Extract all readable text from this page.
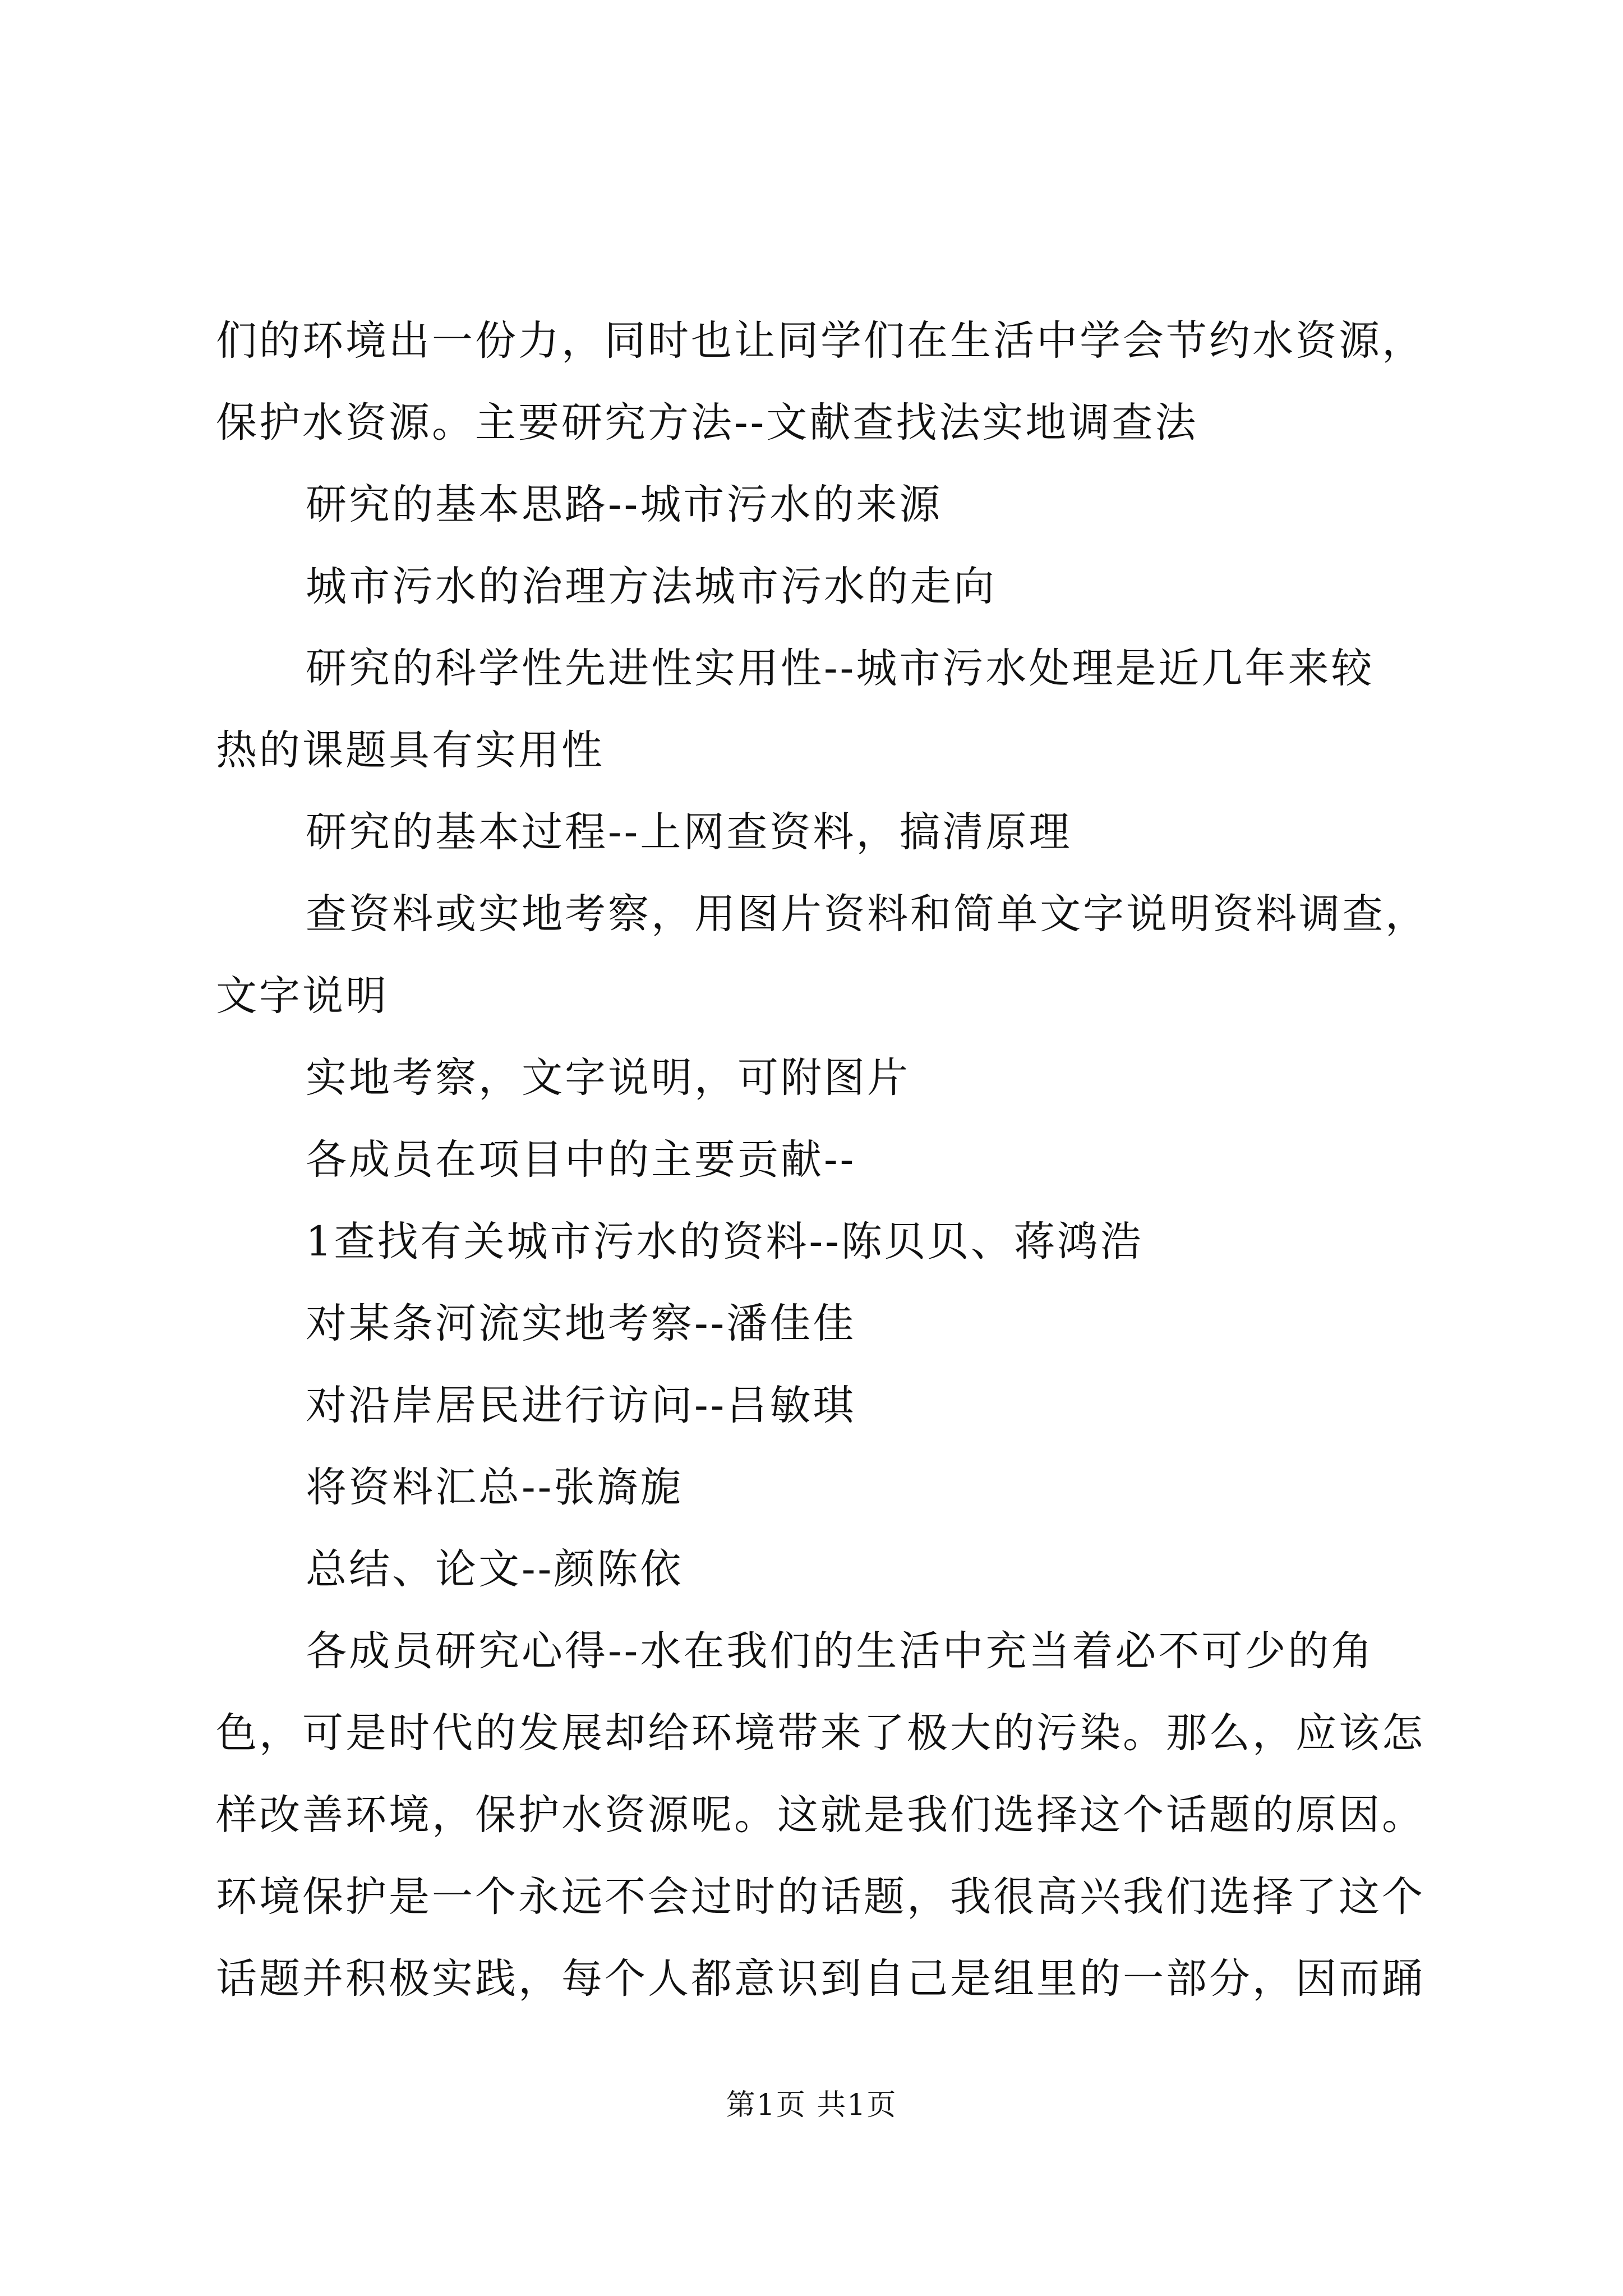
们的环境出一份力，同时也让同学们在生活中学会节约水资源，
保护水资源。主要研究方法--文献查找法实地调查法
研究的基本思路--城市污水的来源
城市污水的治理方法城市污水的走向
研究的科学性先进性实用性--城市污水处理是近几年来较
热的课题具有实用性
研究的基本过程--上网查资料，搞清原理
查资料或实地考察，用图片资料和简单文字说明资料调查，
文字说明
实地考察，文字说明，可附图片
各成员在项目中的主要贡献--
1查找有关城市污水的资料--陈贝贝、蒋鸿浩
对某条河流实地考察--潘佳佳
对沿岸居民进行访问--吕敏琪
将资料汇总--张旖旎
总结、论文--颜陈依
各成员研究心得--水在我们的生活中充当着必不可少的角
色，可是时代的发展却给环境带来了极大的污染。那么，应该怎
样改善环境，保护水资源呢。这就是我们选择这个话题的原因。
环境保护是一个永远不会过时的话题，我很高兴我们选择了这个
话题并积极实践，每个人都意识到自己是组里的一部分，因而踊
第1页 共1页
